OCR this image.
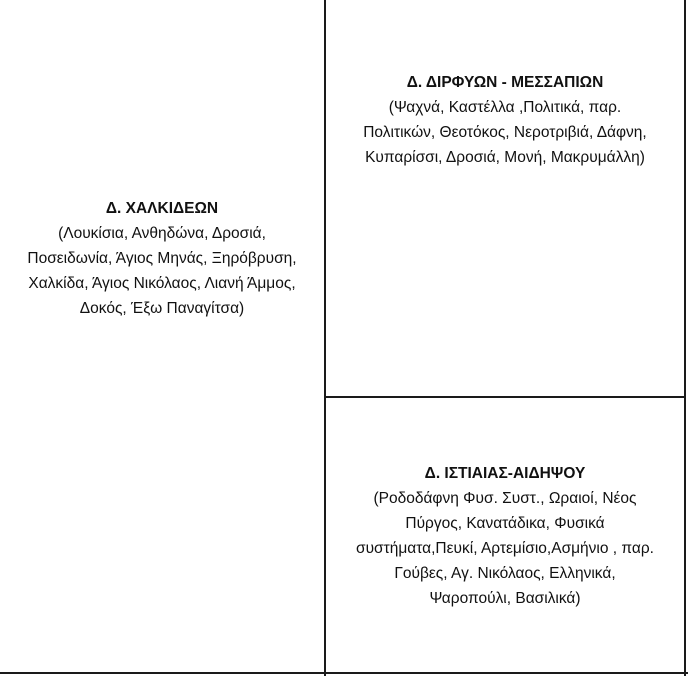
Δ. ΧΑΛΚΙΔΕΩΝ
(Λουκίσια, Ανθηδώνα, Δροσιά,
Ποσειδωνία, Άγιος Μηνάς, Ξηρόβρυση,
Χαλκίδα, Άγιος Νικόλαος, Λιανή Άμμος,
Δοκός, Έξω Παναγίτσα)
Δ. ΔΙΡΦΥΩΝ - ΜΕΣΣΑΠΙΩΝ
(Ψαχνά, Καστέλλα ,Πολιτικά, παρ.
Πολιτικών, Θεοτόκος, Νεροτριβιά, Δάφνη,
Κυπαρίσσι, Δροσιά, Μονή, Μακρυμάλλη)
Δ. ΙΣΤΙΑΙΑΣ-ΑΙΔΗΨΟΥ
(Ροδοδάφνη Φυσ. Συστ., Ωραιοί, Νέος
Πύργος, Κανατάδικα, Φυσικά
συστήματα,Πευκί, Αρτεμίσιο,Ασμήνιο , παρ.
Γούβες, Αγ. Νικόλαος, Ελληνικά,
Ψαροπούλι, Βασιλικά)
